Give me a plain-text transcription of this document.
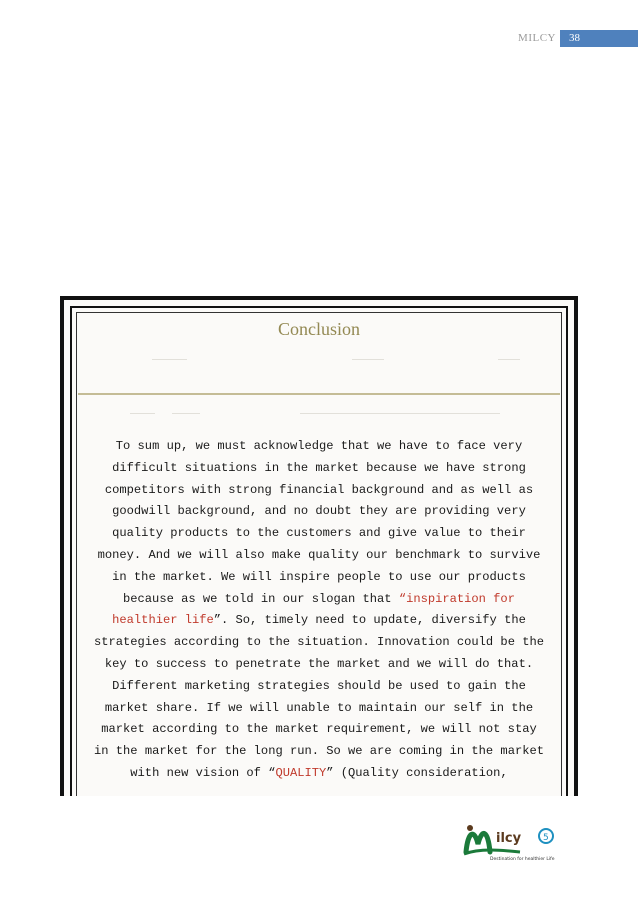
MILCY 38
Conclusion
To sum up, we must acknowledge that we have to face very
difficult situations in the market because we have strong
competitors with strong financial background and as well as
goodwill background, and no doubt they are providing very
quality products to the customers and give value to their
money. And we will also make quality our benchmark to survive
in the market. We will inspire people to use our products
because as we told in our slogan that “inspiration for
healthier life”. So, timely need to update, diversify the
strategies according to the situation. Innovation could be the
key to success to penetrate the market and we will do that.
Different marketing strategies should be used to gain the
market share. If we will unable to maintain our self in the
market according to the market requirement, we will not stay
in the market for the long run. So we are coming in the market
with new vision of “QUALITY” (Quality consideration,
ilcy 5
Destination for healthier Life
